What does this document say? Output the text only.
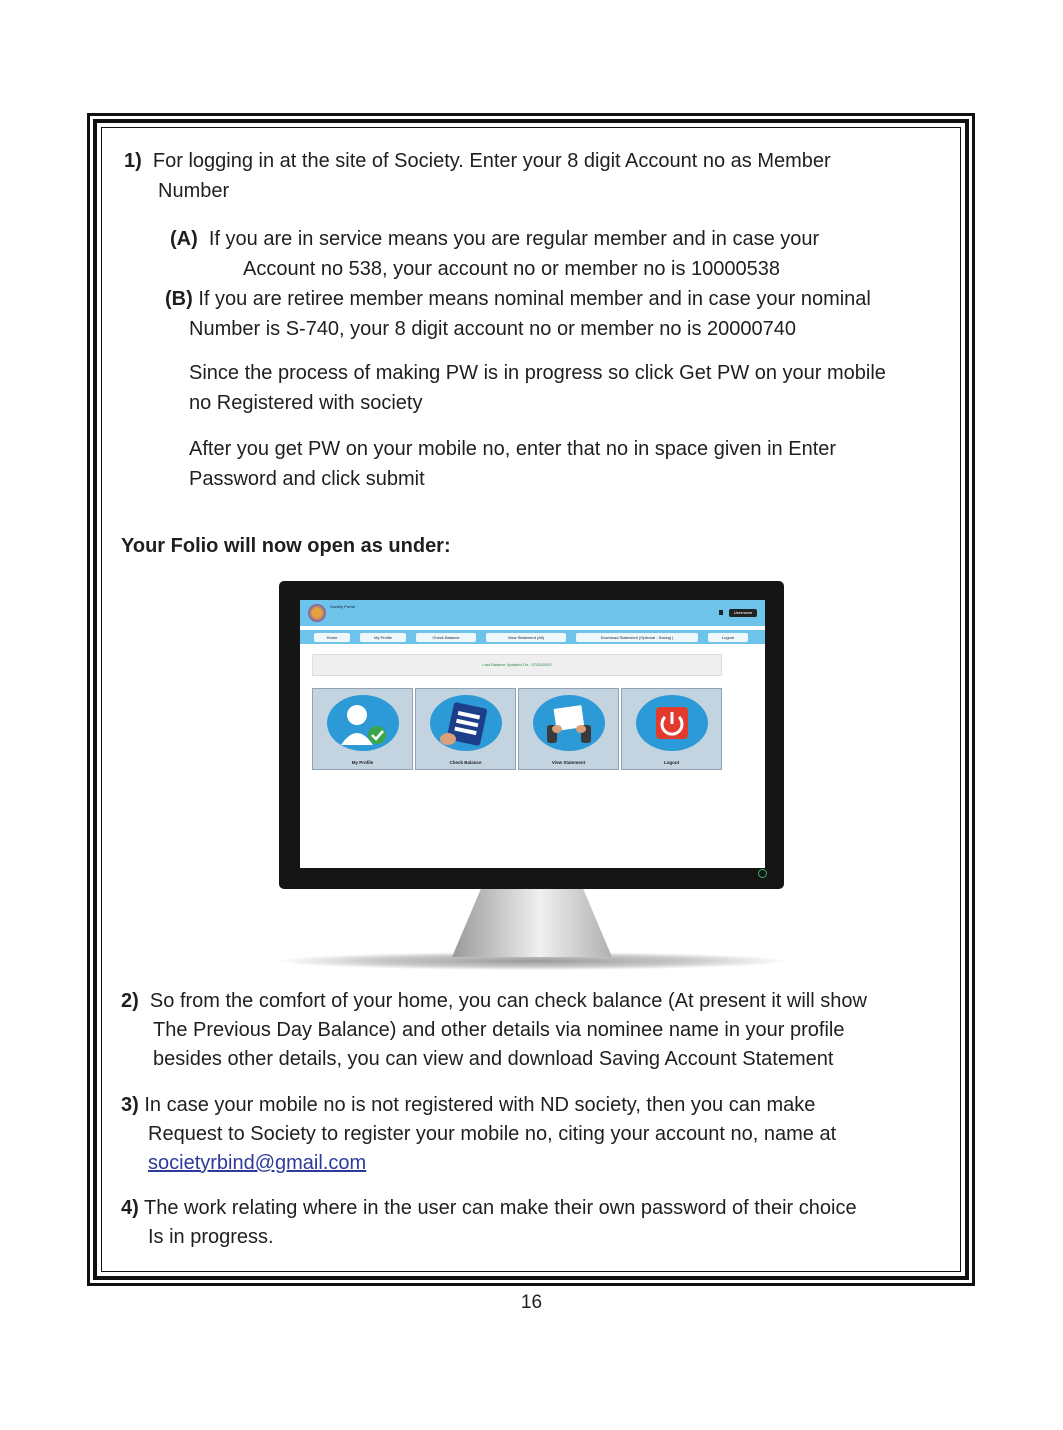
1) For logging in at the site of Society. Enter your 8 digit Account no as Member
Number
(A) If you are in service means you are regular member and in case your
Account no 538, your account no or member no is 10000538
(B) If you are retiree member means nominal member and in case your nominal
Number is S-740, your 8 digit account no or member no is 20000740
Since the process of making PW is in progress so click Get PW on your mobile
no Registered with society
After you get PW on your mobile no, enter that no in space given in Enter
Password and click submit
Your Folio will now open as under:
Society Portal
Username
Home	My Profile	Check Balance	View Statement (All)	Download Statement (Optional - Saving )	Logout
Last Balance Updated On : 07/05/2020
My Profile	Check Balance	View Statement	Logout
2) So from the comfort of your home, you can check balance (At present it will show
The Previous Day Balance) and other details via nominee name in your profile
besides other details, you can view and download Saving Account Statement
3) In case your mobile no is not registered with ND society, then you can make
Request to Society to register your mobile no, citing your account no, name at
societyrbind@gmail.com
4) The work relating where in the user can make their own password of their choice
Is in progress.
16
